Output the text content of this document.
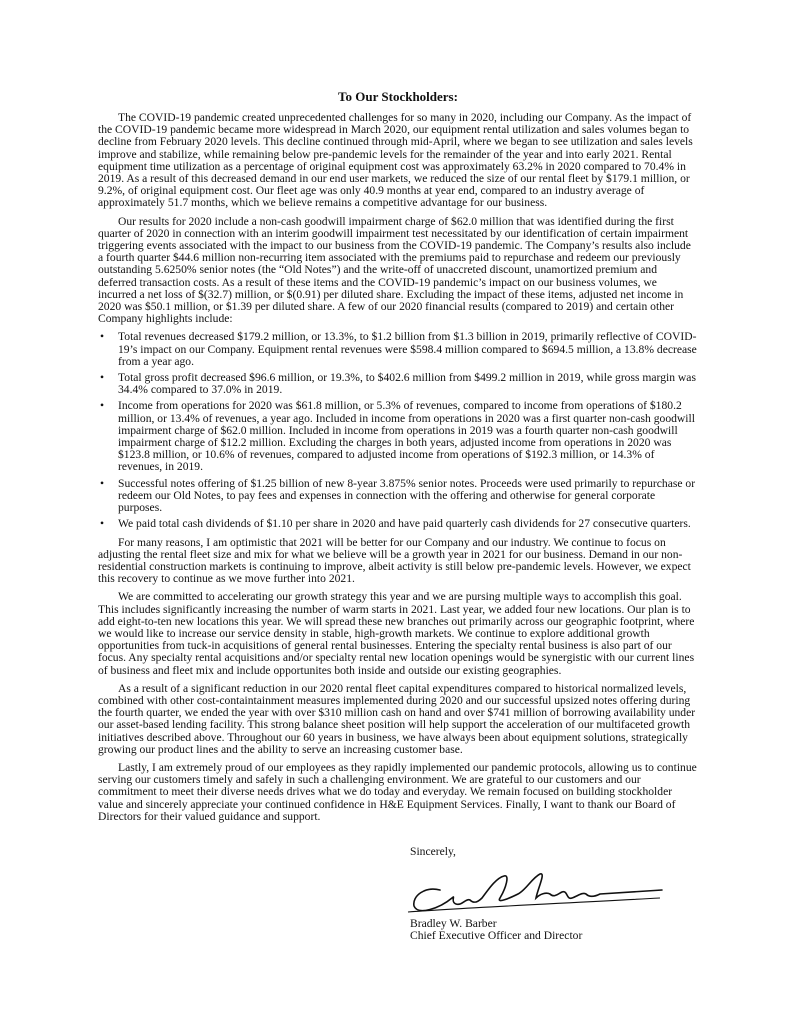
To Our Stockholders:

The COVID-19 pandemic created unprecedented challenges for so many in 2020, including our Company. As the impact of the COVID-19 pandemic became more widespread in March 2020, our equipment rental utilization and sales volumes began to decline from February 2020 levels. This decline continued through mid-April, where we began to see utilization and sales levels improve and stabilize, while remaining below pre-pandemic levels for the remainder of the year and into early 2021. Rental equipment time utilization as a percentage of original equipment cost was approximately 63.2% in 2020 compared to 70.4% in 2019. As a result of this decreased demand in our end user markets, we reduced the size of our rental fleet by $179.1 million, or 9.2%, of original equipment cost. Our fleet age was only 40.9 months at year end, compared to an industry average of approximately 51.7 months, which we believe remains a competitive advantage for our business.

Our results for 2020 include a non-cash goodwill impairment charge of $62.0 million that was identified during the first quarter of 2020 in connection with an interim goodwill impairment test necessitated by our identification of certain impairment triggering events associated with the impact to our business from the COVID-19 pandemic. The Company’s results also include a fourth quarter $44.6 million non-recurring item associated with the premiums paid to repurchase and redeem our previously outstanding 5.6250% senior notes (the “Old Notes”) and the write-off of unaccreted discount, unamortized premium and deferred transaction costs. As a result of these items and the COVID-19 pandemic’s impact on our business volumes, we incurred a net loss of $(32.7) million, or $(0.91) per diluted share. Excluding the impact of these items, adjusted net income in 2020 was $50.1 million, or $1.39 per diluted share. A few of our 2020 financial results (compared to 2019) and certain other Company highlights include:

• Total revenues decreased $179.2 million, or 13.3%, to $1.2 billion from $1.3 billion in 2019, primarily reflective of COVID-19’s impact on our Company. Equipment rental revenues were $598.4 million compared to $694.5 million, a 13.8% decrease from a year ago.
• Total gross profit decreased $96.6 million, or 19.3%, to $402.6 million from $499.2 million in 2019, while gross margin was 34.4% compared to 37.0% in 2019.
• Income from operations for 2020 was $61.8 million, or 5.3% of revenues, compared to income from operations of $180.2 million, or 13.4% of revenues, a year ago. Included in income from operations in 2020 was a first quarter non-cash goodwill impairment charge of $62.0 million. Included in income from operations in 2019 was a fourth quarter non-cash goodwill impairment charge of $12.2 million. Excluding the charges in both years, adjusted income from operations in 2020 was $123.8 million, or 10.6% of revenues, compared to adjusted income from operations of $192.3 million, or 14.3% of revenues, in 2019.
• Successful notes offering of $1.25 billion of new 8-year 3.875% senior notes. Proceeds were used primarily to repurchase or redeem our Old Notes, to pay fees and expenses in connection with the offering and otherwise for general corporate purposes.
• We paid total cash dividends of $1.10 per share in 2020 and have paid quarterly cash dividends for 27 consecutive quarters.

For many reasons, I am optimistic that 2021 will be better for our Company and our industry. We continue to focus on adjusting the rental fleet size and mix for what we believe will be a growth year in 2021 for our business. Demand in our non-residential construction markets is continuing to improve, albeit activity is still below pre-pandemic levels. However, we expect this recovery to continue as we move further into 2021.

We are committed to accelerating our growth strategy this year and we are pursing multiple ways to accomplish this goal. This includes significantly increasing the number of warm starts in 2021. Last year, we added four new locations. Our plan is to add eight-to-ten new locations this year. We will spread these new branches out primarily across our geographic footprint, where we would like to increase our service density in stable, high-growth markets. We continue to explore additional growth opportunities from tuck-in acquisitions of general rental businesses. Entering the specialty rental business is also part of our focus. Any specialty rental acquisitions and/or specialty rental new location openings would be synergistic with our current lines of business and fleet mix and include opportunites both inside and outside our existing geographies.

As a result of a significant reduction in our 2020 rental fleet capital expenditures compared to historical normalized levels, combined with other cost-containtainment measures implemented during 2020 and our successful upsized notes offering during the fourth quarter, we ended the year with over $310 million cash on hand and over $741 million of borrowing availability under our asset-based lending facility. This strong balance sheet position will help support the acceleration of our multifaceted growth initiatives described above. Throughout our 60 years in business, we have always been about equipment solutions, strategically growing our product lines and the ability to serve an increasing customer base.

Lastly, I am extremely proud of our employees as they rapidly implemented our pandemic protocols, allowing us to continue serving our customers timely and safely in such a challenging environment. We are grateful to our customers and our commitment to meet their diverse needs drives what we do today and everyday. We remain focused on building stockholder value and sincerely appreciate your continued confidence in H&E Equipment Services. Finally, I want to thank our Board of Directors for their valued guidance and support.

Sincerely,
Bradley W. Barber
Chief Executive Officer and Director
